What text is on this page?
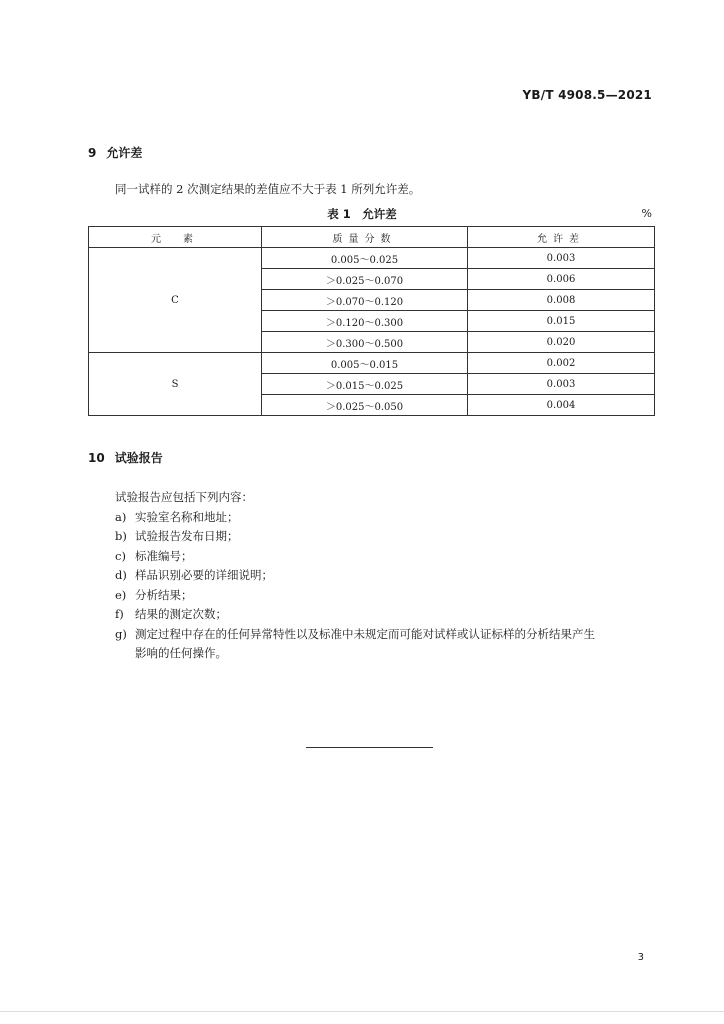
YB/T 4908.5—2021
9 允许差
同一试样的 2 次测定结果的差值应不大于表 1 所列允许差。
表 1　允许差	%
元　素	质量分数	允许差
C	0.005～0.025	0.003
	＞0.025～0.070	0.006
	＞0.070～0.120	0.008
	＞0.120～0.300	0.015
	＞0.300～0.500	0.020
S	0.005～0.015	0.002
	＞0.015～0.025	0.003
	＞0.025～0.050	0.004
10 试验报告
试验报告应包括下列内容：
a) 实验室名称和地址；
b) 试验报告发布日期；
c) 标准编号；
d) 样品识别必要的详细说明；
e) 分析结果；
f) 结果的测定次数；
g) 测定过程中存在的任何异常特性以及标准中未规定而可能对试样或认证标样的分析结果产生
影响的任何操作。
3
